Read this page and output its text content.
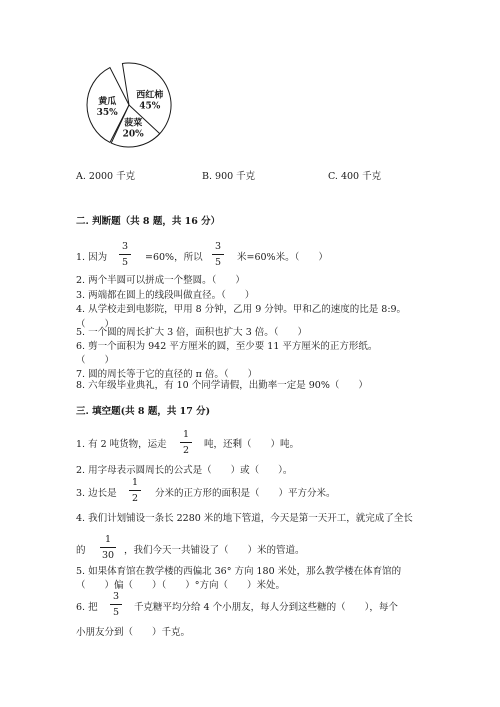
黄瓜
35%
西红柿
45%
菠菜
20%
A. 2000 千克	B. 900 千克	C. 400 千克
二. 判断题（共 8 题，共 16 分）
1. 因为
3
5	=60%，所以
3
5	米=60%米。（　　）
2. 两个半圆可以拼成一个整圆。（　　）
3. 两端都在圆上的线段叫做直径。（　　）
4. 从学校走到电影院，甲用 8 分钟，乙用 9 分钟。甲和乙的速度的比是 8:9。
（　　）
5. 一个圆的周长扩大 3 倍，面积也扩大 3 倍。（　　）
6. 剪一个面积为 942 平方厘米的圆，至少要 11 平方厘米的正方形纸。
（　　）
7. 圆的周长等于它的直径的 π 倍。（　　）
8. 六年级毕业典礼，有 10 个同学请假，出勤率一定是 90%（　　）
三. 填空题(共 8 题，共 17 分)
1. 有 2 吨货物，运走
1
2
吨，还剩（　　）吨。
2. 用字母表示圆周长的公式是（　　）或（　　）。
3. 边长是
1
2	分米的正方形的面积是（　　）平方分米。
4. 我们计划铺设一条长 2280 米的地下管道，今天是第一天开工，就完成了全长
的
1
30 ，我们今天一共铺设了（　　）米的管道。
5. 如果体育馆在教学楼的西偏北 36° 方向 180 米处，那么教学楼在体育馆的
（　　）偏（　　）（　　）°方向（　　）米处。
6. 把
3
5	千克糖平均分给 4 个小朋友，每人分到这些糖的（　　），每个
小朋友分到（　　）千克。
